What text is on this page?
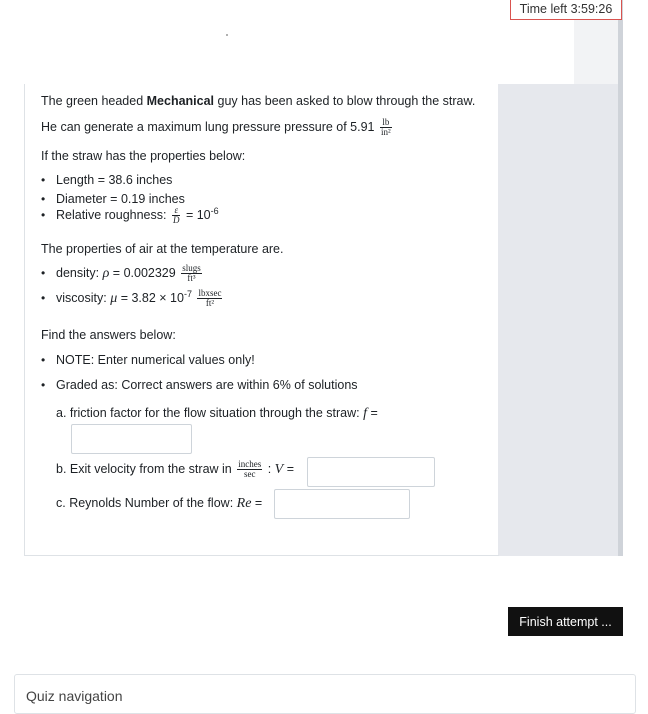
Time left 3:59:26
The green headed Mechanical guy has been asked to blow through the straw.
He can generate a maximum lung pressure pressure of $5.91 \frac{lb}{\text{in²}}$
If the straw has the properties below:
• Length = 38.6 inches
• Diameter = 0.19 inches
• Relative roughness: $\frac{\varepsilon}{D} = 10^{-6}$
The properties of air at the temperature are.
• density: $\rho = 0.002329 \frac{\text{slugs}}{\text{ft³}}$
• viscosity: $\mu = 3.82 \times 10^{-7} \frac{\text{lbxsec}}{\text{ft²}}$
Find the answers below:
• NOTE: Enter numerical values only!
• Graded as: Correct answers are within 6% of solutions
a. friction factor for the flow situation through the straw: f =
b. Exit velocity from the straw in $\frac{\text{inches}}{\sec}$ : V =
c. Reynolds Number of the flow: Re =
Finish attempt ...
Quiz navigation
